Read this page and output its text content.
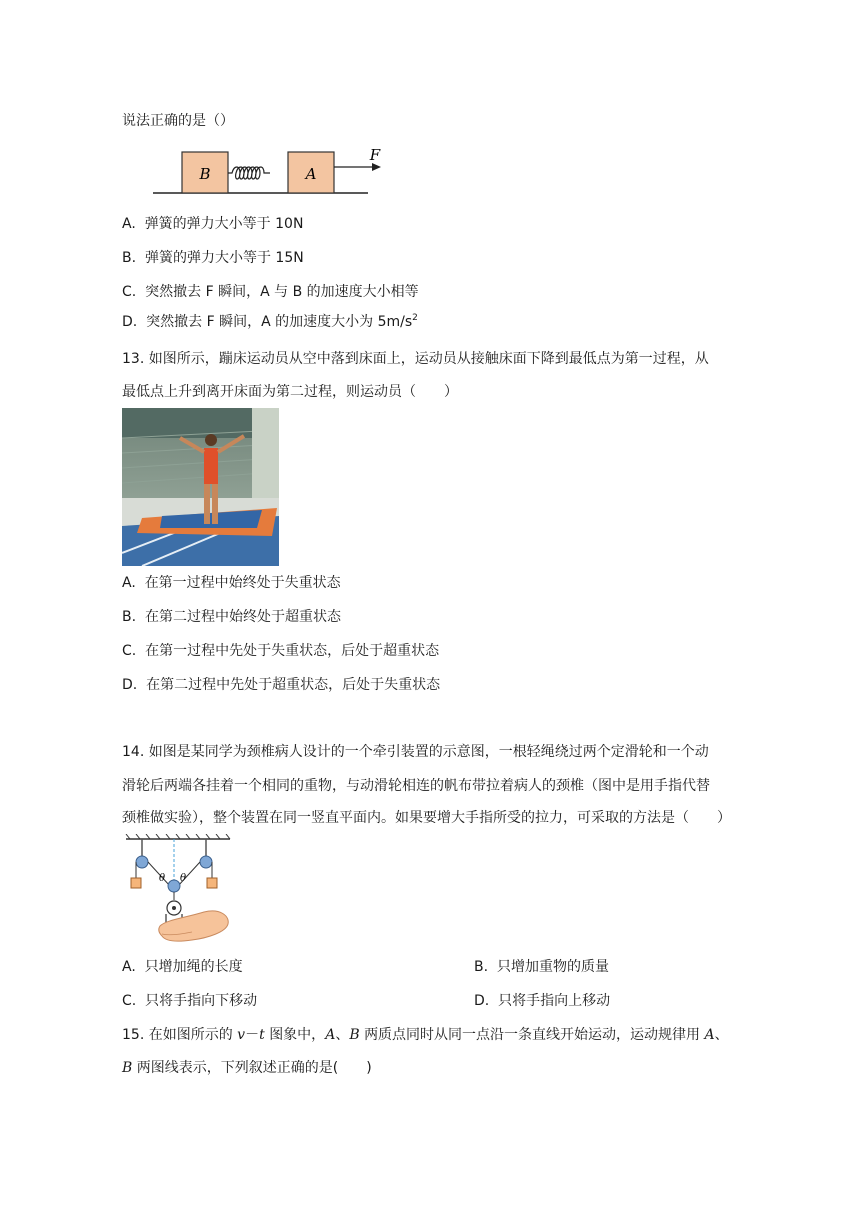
说法正确的是（）
B	A
F
A. 弹簧的弹力大小等于 10N
B. 弹簧的弹力大小等于 15N
C. 突然撤去 F 瞬间，A 与 B 的加速度大小相等
D. 突然撤去 F 瞬间，A 的加速度大小为 $5m/s^2$
13. 如图所示，蹦床运动员从空中落到床面上，运动员从接触床面下降到最低点为第一过程，从
最低点上升到离开床面为第二过程，则运动员（　　）
A. 在第一过程中始终处于失重状态
B. 在第二过程中始终处于超重状态
C. 在第一过程中先处于失重状态，后处于超重状态
D. 在第二过程中先处于超重状态，后处于失重状态
14. 如图是某同学为颈椎病人设计的一个牵引装置的示意图，一根轻绳绕过两个定滑轮和一个动
滑轮后两端各挂着一个相同的重物，与动滑轮相连的帆布带拉着病人的颈椎（图中是用手指代替
颈椎做实验），整个装置在同一竖直平面内。如果要增大手指所受的拉力，可采取的方法是（　　）
θ θ
A. 只增加绳的长度	B. 只增加重物的质量
C. 只将手指向下移动	D. 只将手指向上移动
15. 在如图所示的 v－t 图象中，A、B 两质点同时从同一点沿一条直线开始运动，运动规律用 A、
B 两图线表示，下列叙述正确的是(　　)
